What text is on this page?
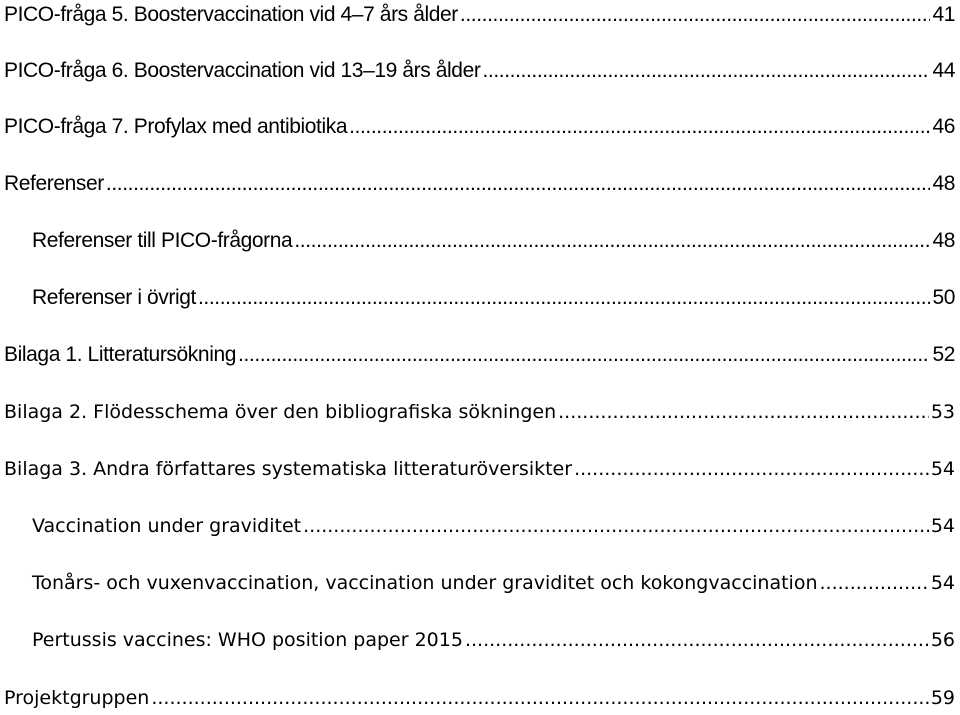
PICO-fråga 5. Boostervaccination vid 4–7 års ålder .....	41
PICO-fråga 6. Boostervaccination vid 13–19 års ålder .....	44
PICO-fråga 7. Profylax med antibiotika .....	46
Referenser .....	48
Referenser till PICO-frågorna .....	48
Referenser i övrigt .....	50
Bilaga 1. Litteratursökning .....	52
Bilaga 2. Flödesschema över den bibliografiska sökningen .....	53
Bilaga 3. Andra författares systematiska litteraturöversikter .....	54
Vaccination under graviditet .....	54
Tonårs- och vuxenvaccination, vaccination under graviditet och kokongvaccination .....	54
Pertussis vaccines: WHO position paper 2015 .....	56
Projektgruppen .....	59
